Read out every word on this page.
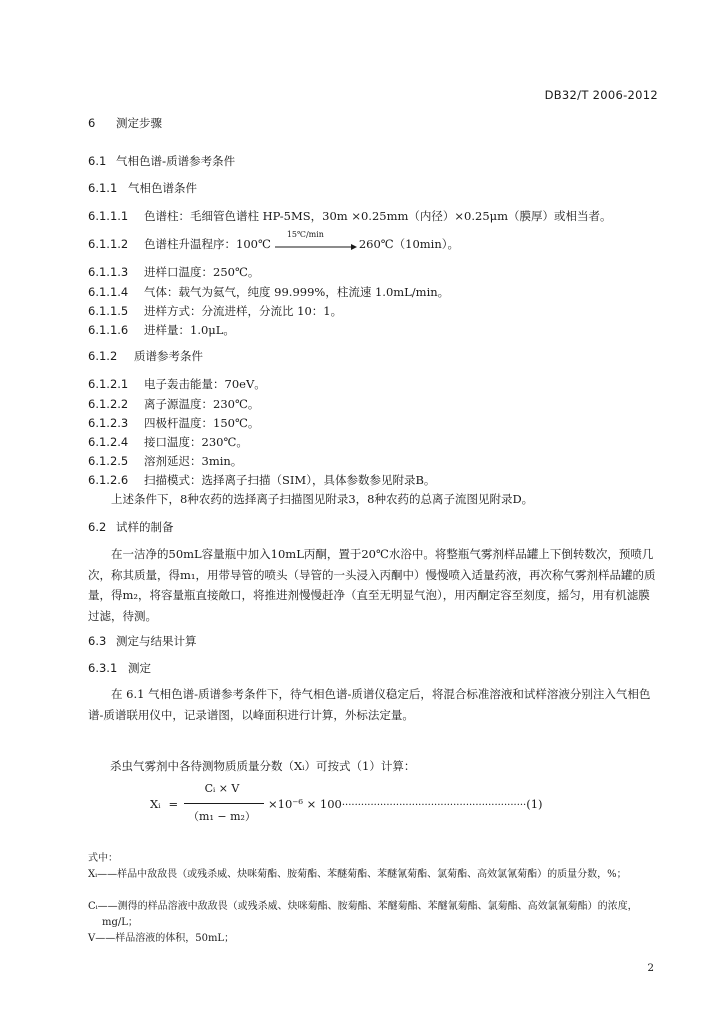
DB32/T 2006-2012
6 测定步骤
6.1 气相色谱-质谱参考条件
6.1.1 气相色谱条件
6.1.1.1 色谱柱：毛细管色谱柱 HP-5MS，30m ×0.25mm（内径）×0.25μm（膜厚）或相当者。
6.1.1.2 色谱柱升温程序：100℃
15℃/min
260℃（10min）。
6.1.1.3 进样口温度：250℃。
6.1.1.4 气体：载气为氦气，纯度 99.999%，柱流速 1.0mL/min。
6.1.1.5 进样方式：分流进样，分流比 10：1。
6.1.1.6 进样量：1.0μL。
6.1.2 质谱参考条件
6.1.2.1 电子轰击能量：70eV。
6.1.2.2 离子源温度：230℃。
6.1.2.3 四极杆温度：150℃。
6.1.2.4 接口温度：230℃。
6.1.2.5 溶剂延迟：3min。
6.1.2.6 扫描模式：选择离子扫描（SIM），具体参数参见附录B。
上述条件下，8种农药的选择离子扫描图见附录3，8种农药的总离子流图见附录D。
6.2 试样的制备
在一洁净的50mL容量瓶中加入10mL丙酮，置于20℃水浴中。将整瓶气雾剂样品罐上下倒转数次，预喷几次，称其质量，得m₁，用带导管的喷头（导管的一头浸入丙酮中）慢慢喷入适量药液，再次称气雾剂样品罐的质量，得m₂，将容量瓶直接敞口，将推进剂慢慢赶净（直至无明显气泡），用丙酮定容至刻度，摇匀，用有机滤膜过滤，待测。
6.3 测定与结果计算
6.3.1 测定
在 6.1 气相色谱-质谱参考条件下，待气相色谱-质谱仪稳定后，将混合标准溶液和试样溶液分别注入气相色谱-质谱联用仪中，记录谱图，以峰面积进行计算，外标法定量。
杀虫气雾剂中各待测物质质量分数（Xᵢ）可按式（1）计算：
Cᵢ × V
（m₁ − m₂）
Xᵢ =	×10⁻⁶ × 100··························································(1)
式中：
Xᵢ——样品中敌敌畏（或残杀威、炔咪菊酯、胺菊酯、苯醚菊酯、苯醚氰菊酯、氯菊酯、高效氯氰菊酯）的质量分数，%；
Cᵢ——测得的样品溶液中敌敌畏（或残杀威、炔咪菊酯、胺菊酯、苯醚菊酯、苯醚氰菊酯、氯菊酯、高效氯氰菊酯）的浓度，mg/L；
V——样品溶液的体积，50mL；
2
